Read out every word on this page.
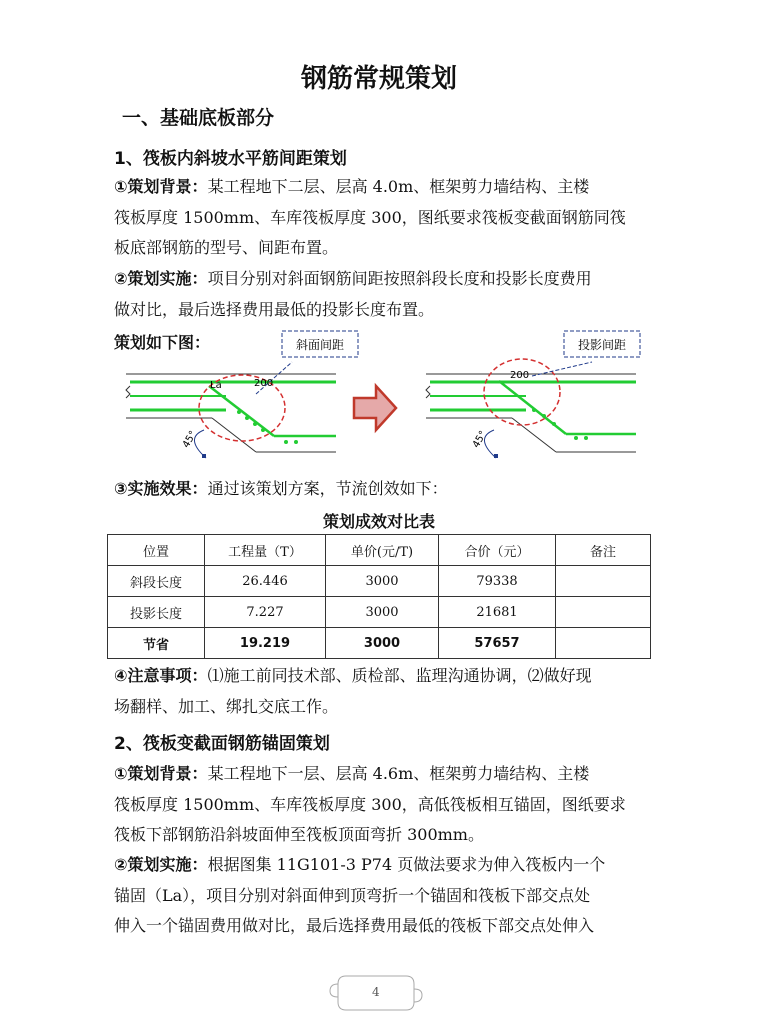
钢筋常规策划
一、基础底板部分
1、筏板内斜坡水平筋间距策划
①策划背景：某工程地下二层、层高 4.0m、框架剪力墙结构、主楼
筏板厚度 1500mm、车库筏板厚度 300，图纸要求筏板变截面钢筋同筏
板底部钢筋的型号、间距布置。
②策划实施：项目分别对斜面钢筋间距按照斜段长度和投影长度费用
做对比，最后选择费用最低的投影长度布置。
策划如下图：	斜面间距
La	200
45°
投影间距
200
45°
③实施效果：通过该策划方案，节流创效如下：
策划成效对比表
位置	工程量（T）	单价(元/T)	合价（元）	备注
斜段长度	26.446	3000	79338	
投影长度	7.227	3000	21681	
节省	19.219	3000	57657	
④注意事项：⑴施工前同技术部、质检部、监理沟通协调，⑵做好现
场翻样、加工、绑扎交底工作。
2、筏板变截面钢筋锚固策划
①策划背景：某工程地下一层、层高 4.6m、框架剪力墙结构、主楼
筏板厚度 1500mm、车库筏板厚度 300，高低筏板相互锚固，图纸要求
筏板下部钢筋沿斜坡面伸至筏板顶面弯折 300mm。
②策划实施：根据图集 11G101-3 P74 页做法要求为伸入筏板内一个
锚固（La），项目分别对斜面伸到顶弯折一个锚固和筏板下部交点处
伸入一个锚固费用做对比，最后选择费用最低的筏板下部交点处伸入
4
